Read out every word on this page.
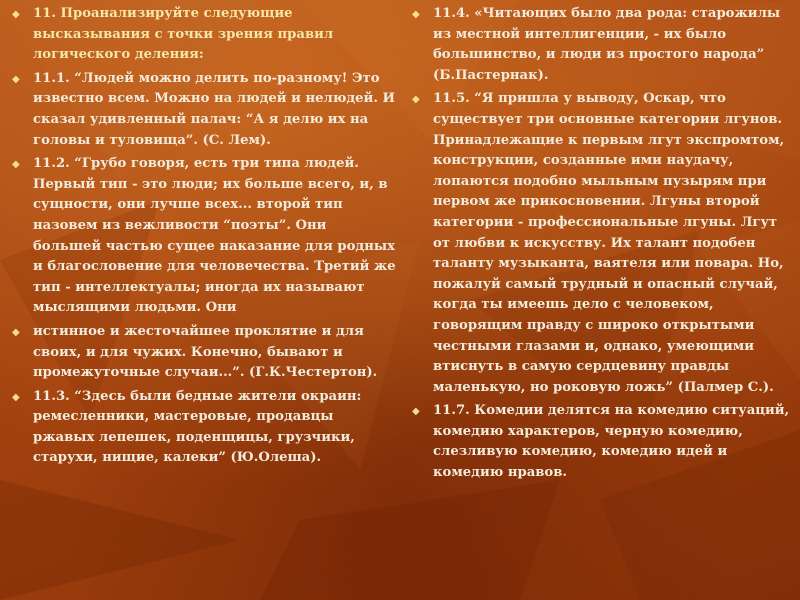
◆ 11. Проанализируйте следующие высказывания с точки зрения правил логического деления:
◆ 11.1. “Людей можно делить по-разному! Это известно всем. Можно на людей и нелюдей. И сказал удивленный палач: “А я делю их на головы и туловища”. (С. Лем).
◆ 11.2. “Грубо говоря, есть три типа людей. Первый тип - это люди; их больше всего, и, в сущности, они лучше всех... второй тип назовем из вежливости “поэты”. Они большей частью сущее наказание для родных и благословение для человечества. Третий же тип - интеллектуалы; иногда их называют мыслящими людьми. Они
◆ истинное и жесточайшее проклятие и для своих, и для чужих. Конечно, бывают и промежуточные случаи...”. (Г.К.Честертон).
◆ 11.3. “Здесь были бедные жители окраин: ремесленники, мастеровые, продавцы ржавых лепешек, поденщицы, грузчики, старухи, нищие, калеки” (Ю.Олеша).
◆ 11.4. «Читающих было два рода: старожилы из местной интеллигенции, - их было большинство, и люди из простого народа” (Б.Пастернак).
◆ 11.5. “Я пришла у выводу, Оскар, что существует три основные категории лгунов. Принадлежащие к первым лгут экспромтом, конструкции, созданные ими наудачу, лопаются подобно мыльным пузырям при первом же прикосновении. Лгуны второй категории - профессиональные лгуны. Лгут от любви к искусству. Их талант подобен таланту музыканта, ваятеля или повара. Но, пожалуй самый трудный и опасный случай, когда ты имеешь дело с человеком, говорящим правду с широко открытыми честными глазами и, однако, умеющими втиснуть в самую сердцевину правды маленькую, но роковую ложь” (Палмер С.).
◆ 11.7. Комедии делятся на комедию ситуаций, комедию характеров, черную комедию, слезливую комедию, комедию идей и комедию нравов.
